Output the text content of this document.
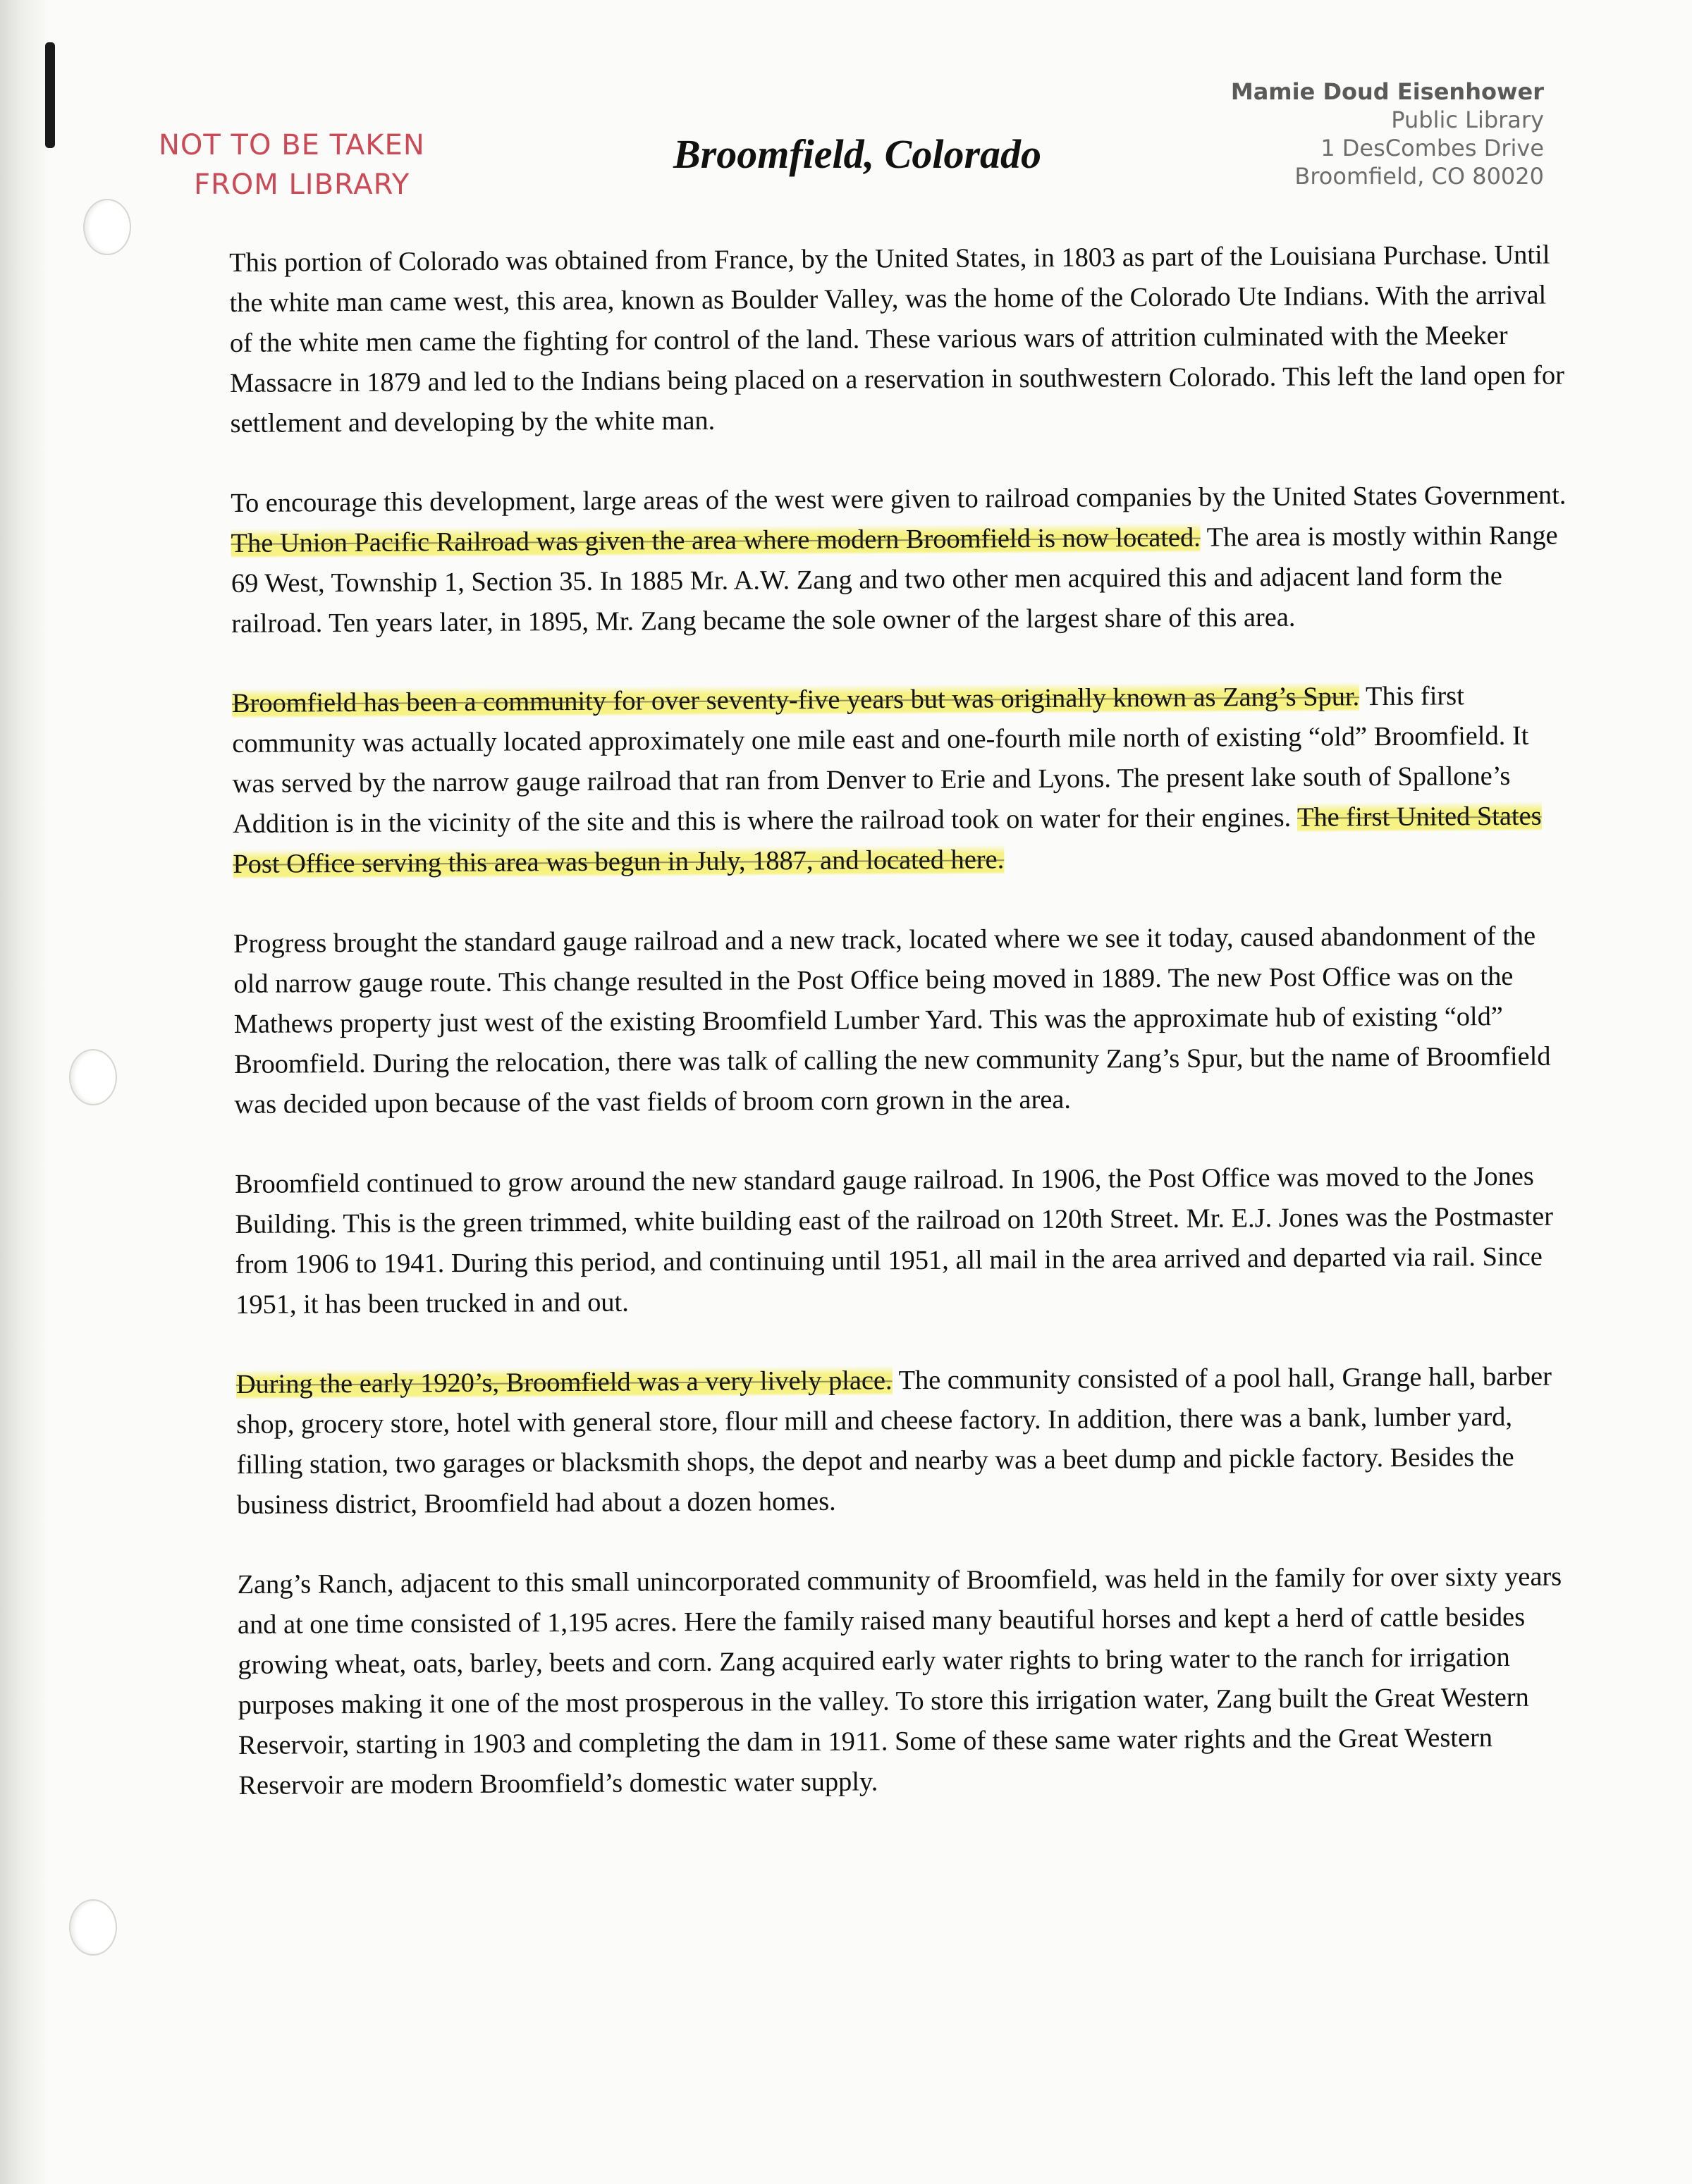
NOT TO BE TAKEN
FROM LIBRARY
Mamie Doud Eisenhower
Public Library
1 DesCombes Drive
Broomfield, CO 80020
Broomfield, Colorado

This portion of Colorado was obtained from France, by the United States, in 1803 as part of the Louisiana Purchase. Until the white man came west, this area, known as Boulder Valley, was the home of the Colorado Ute Indians. With the arrival of the white men came the fighting for control of the land. These various wars of attrition culminated with the Meeker Massacre in 1879 and led to the Indians being placed on a reservation in southwestern Colorado. This left the land open for settlement and developing by the white man.

To encourage this development, large areas of the west were given to railroad companies by the United States Government. The Union Pacific Railroad was given the area where modern Broomfield is now located. The area is mostly within Range 69 West, Township 1, Section 35. In 1885 Mr. A.W. Zang and two other men acquired this and adjacent land form the railroad. Ten years later, in 1895, Mr. Zang became the sole owner of the largest share of this area.

Broomfield has been a community for over seventy-five years but was originally known as Zang’s Spur. This first community was actually located approximately one mile east and one-fourth mile north of existing “old” Broomfield. It was served by the narrow gauge railroad that ran from Denver to Erie and Lyons. The present lake south of Spallone’s Addition is in the vicinity of the site and this is where the railroad took on water for their engines. The first United States Post Office serving this area was begun in July, 1887, and located here.

Progress brought the standard gauge railroad and a new track, located where we see it today, caused abandonment of the old narrow gauge route. This change resulted in the Post Office being moved in 1889. The new Post Office was on the Mathews property just west of the existing Broomfield Lumber Yard. This was the approximate hub of existing “old” Broomfield. During the relocation, there was talk of calling the new community Zang’s Spur, but the name of Broomfield was decided upon because of the vast fields of broom corn grown in the area.

Broomfield continued to grow around the new standard gauge railroad. In 1906, the Post Office was moved to the Jones Building. This is the green trimmed, white building east of the railroad on 120th Street. Mr. E.J. Jones was the Postmaster from 1906 to 1941. During this period, and continuing until 1951, all mail in the area arrived and departed via rail. Since 1951, it has been trucked in and out.

During the early 1920’s, Broomfield was a very lively place. The community consisted of a pool hall, Grange hall, barber shop, grocery store, hotel with general store, flour mill and cheese factory. In addition, there was a bank, lumber yard, filling station, two garages or blacksmith shops, the depot and nearby was a beet dump and pickle factory. Besides the business district, Broomfield had about a dozen homes.

Zang’s Ranch, adjacent to this small unincorporated community of Broomfield, was held in the family for over sixty years and at one time consisted of 1,195 acres. Here the family raised many beautiful horses and kept a herd of cattle besides growing wheat, oats, barley, beets and corn. Zang acquired early water rights to bring water to the ranch for irrigation purposes making it one of the most prosperous in the valley. To store this irrigation water, Zang built the Great Western Reservoir, starting in 1903 and completing the dam in 1911. Some of these same water rights and the Great Western Reservoir are modern Broomfield’s domestic water supply.
